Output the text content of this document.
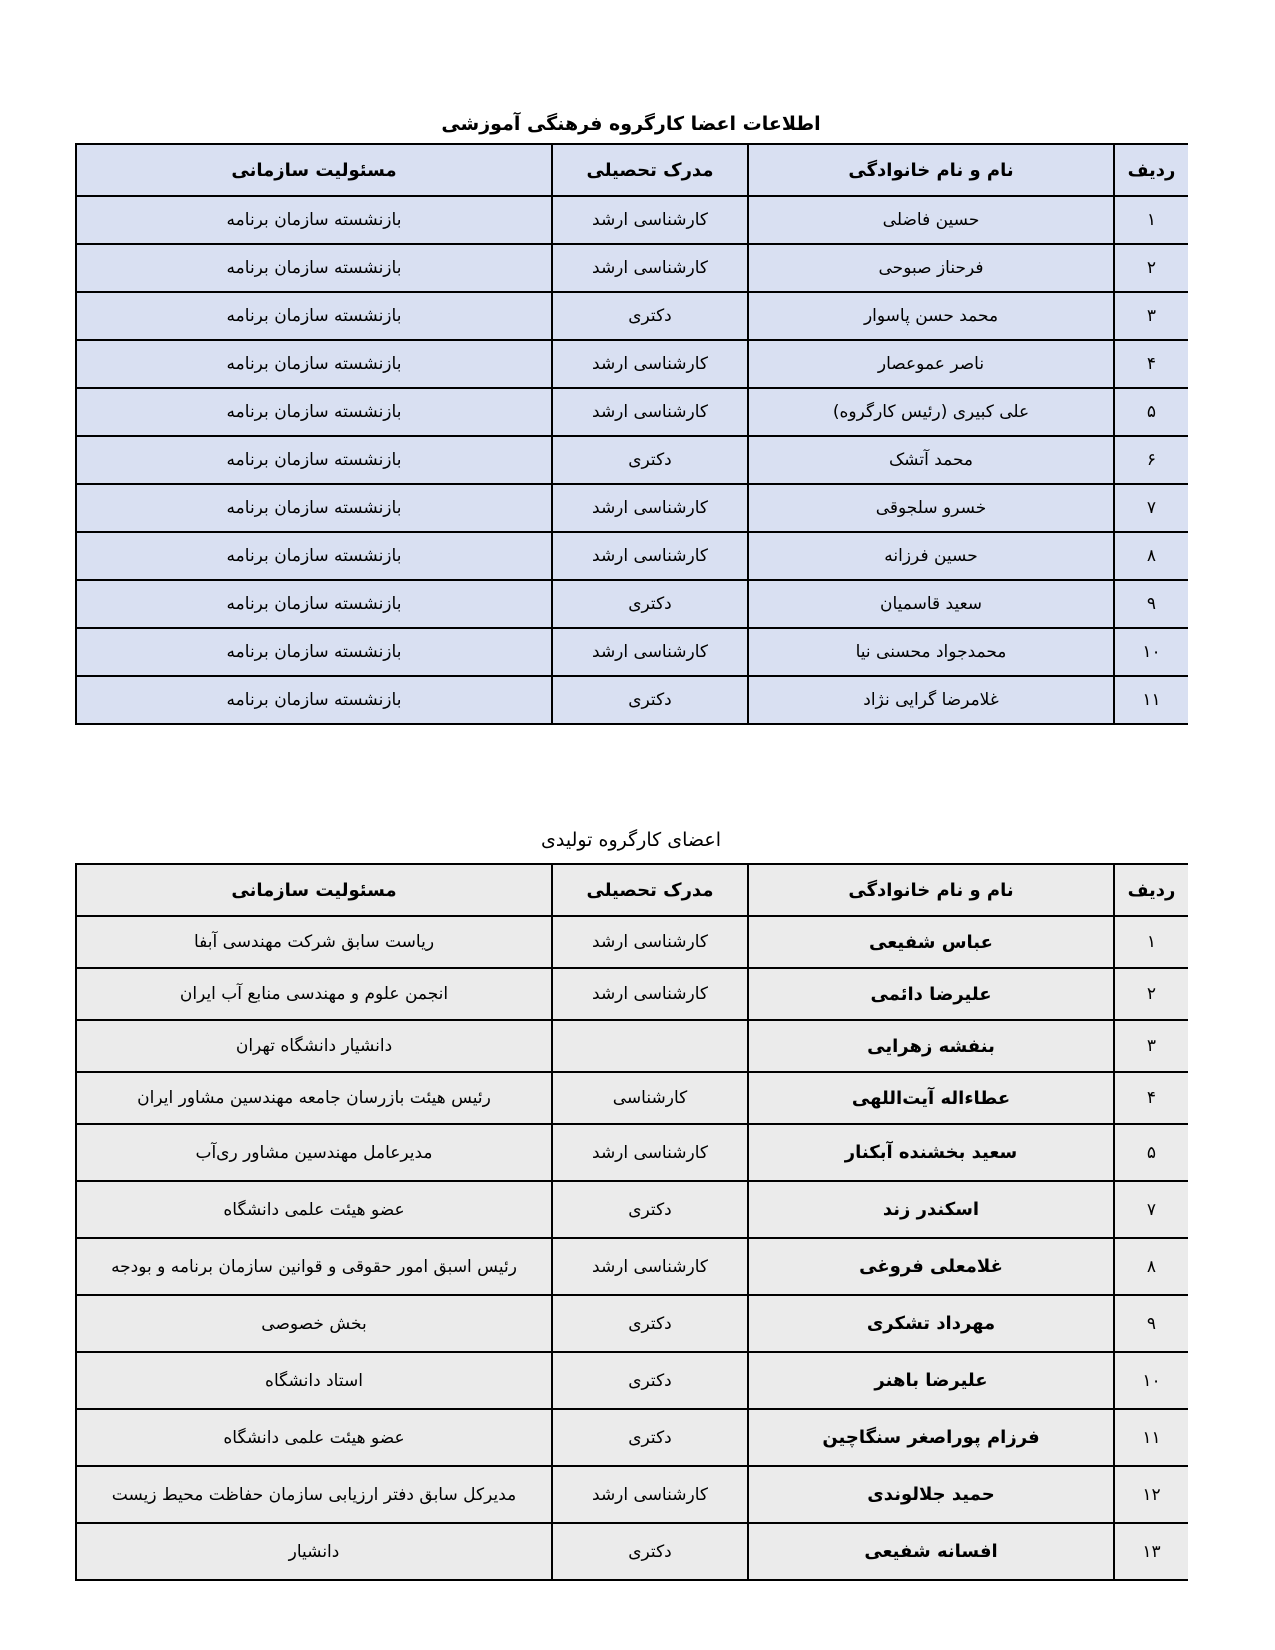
اطلاعات اعضا کارگروه فرهنگی آموزشی
ردیف	نام و نام خانوادگی	مدرک تحصیلی	مسئولیت سازمانی
۱	حسین فاضلی	کارشناسی ارشد	بازنشسته سازمان برنامه
۲	فرحناز صبوحی	کارشناسی ارشد	بازنشسته سازمان برنامه
۳	محمد حسن پاسوار	دکتری	بازنشسته سازمان برنامه
۴	ناصر عموعصار	کارشناسی ارشد	بازنشسته سازمان برنامه
۵	علی کبیری (رئیس کارگروه)	کارشناسی ارشد	بازنشسته سازمان برنامه
۶	محمد آتشک	دکتری	بازنشسته سازمان برنامه
۷	خسرو سلجوقی	کارشناسی ارشد	بازنشسته سازمان برنامه
۸	حسین فرزانه	کارشناسی ارشد	بازنشسته سازمان برنامه
۹	سعید قاسمیان	دکتری	بازنشسته سازمان برنامه
۱۰	محمدجواد محسنی نیا	کارشناسی ارشد	بازنشسته سازمان برنامه
۱۱	غلامرضا گرایی نژاد	دکتری	بازنشسته سازمان برنامه
اعضای کارگروه تولیدی
ردیف	نام و نام خانوادگی	مدرک تحصیلی	مسئولیت سازمانی
۱	عباس شفیعی	کارشناسی ارشد	ریاست سابق شرکت مهندسی آبفا
۲	علیرضا دائمی	کارشناسی ارشد	انجمن علوم و مهندسی منابع آب ایران
۳	بنفشه زهرایی		دانشیار دانشگاه تهران
۴	عطاءاله آیت‌اللهی	کارشناسی	رئیس هیئت بازرسان جامعه مهندسین مشاور ایران
۵	سعید بخشنده آبکنار	کارشناسی ارشد	مدیرعامل مهندسین مشاور ری‌آب
۷	اسکندر زند	دکتری	عضو هیئت علمی دانشگاه
۸	غلامعلی فروغی	کارشناسی ارشد	رئیس اسبق امور حقوقی و قوانین سازمان برنامه و بودجه
۹	مهرداد تشکری	دکتری	بخش خصوصی
۱۰	علیرضا باهنر	دکتری	استاد دانشگاه
۱۱	فرزام پوراصغر سنگاچین	دکتری	عضو هیئت علمی دانشگاه
۱۲	حمید جلالوندی	کارشناسی ارشد	مدیرکل سابق دفتر ارزیابی سازمان حفاظت محیط زیست
۱۳	افسانه شفیعی	دکتری	دانشیار
